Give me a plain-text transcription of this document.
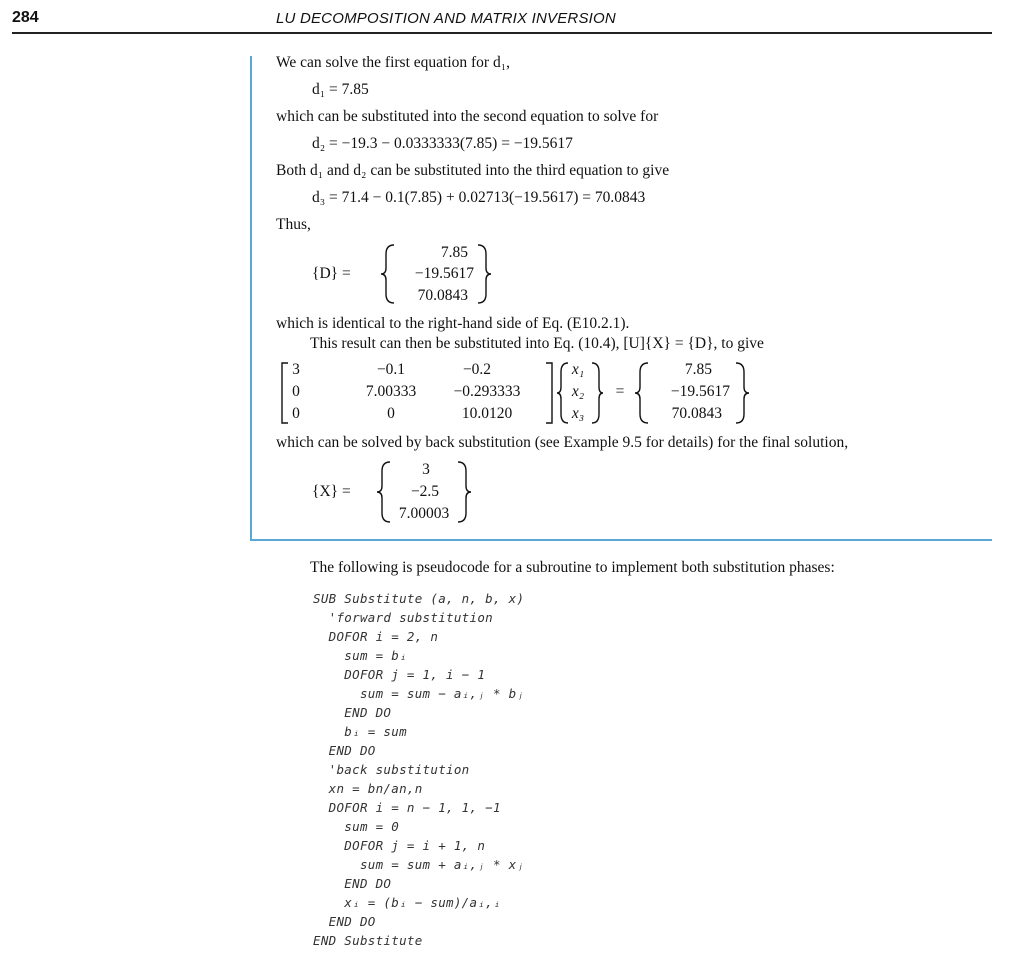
284	LU DECOMPOSITION AND MATRIX INVERSION
We can solve the first equation for d₁,
d₁ = 7.85
which can be substituted into the second equation to solve for
d₂ = −19.3 − 0.0333333(7.85) = −19.5617
Both d₁ and d₂ can be substituted into the third equation to give
d₃ = 71.4 − 0.1(7.85) + 0.02713(−19.5617) = 70.0843
Thus,
{D} =
7.85
−19.5617
70.0843
which is identical to the right-hand side of Eq. (E10.2.1).
This result can then be substituted into Eq. (10.4), [U]{X} = {D}, to give
3	−0.1	−0.2
0	7.00333	−0.293333
0	0	10.0120
x₁
x₂
x₃
=
7.85
−19.5617
70.0843
which can be solved by back substitution (see Example 9.5 for details) for the final solution,
{X} =
3
−2.5
7.00003
The following is pseudocode for a subroutine to implement both substitution phases:
SUB Substitute (a, n, b, x)
'forward substitution
DOFOR i = 2, n
sum = bᵢ
DOFOR j = 1, i − 1
sum = sum − aᵢ,ⱼ * bⱼ
END DO
bᵢ = sum
END DO
'back substitution
xn = bn/an,n
DOFOR i = n − 1, 1, −1
sum = 0
DOFOR j = i + 1, n
sum = sum + aᵢ,ⱼ * xⱼ
END DO
xᵢ = (bᵢ − sum)/aᵢ,ᵢ
END DO
END Substitute
